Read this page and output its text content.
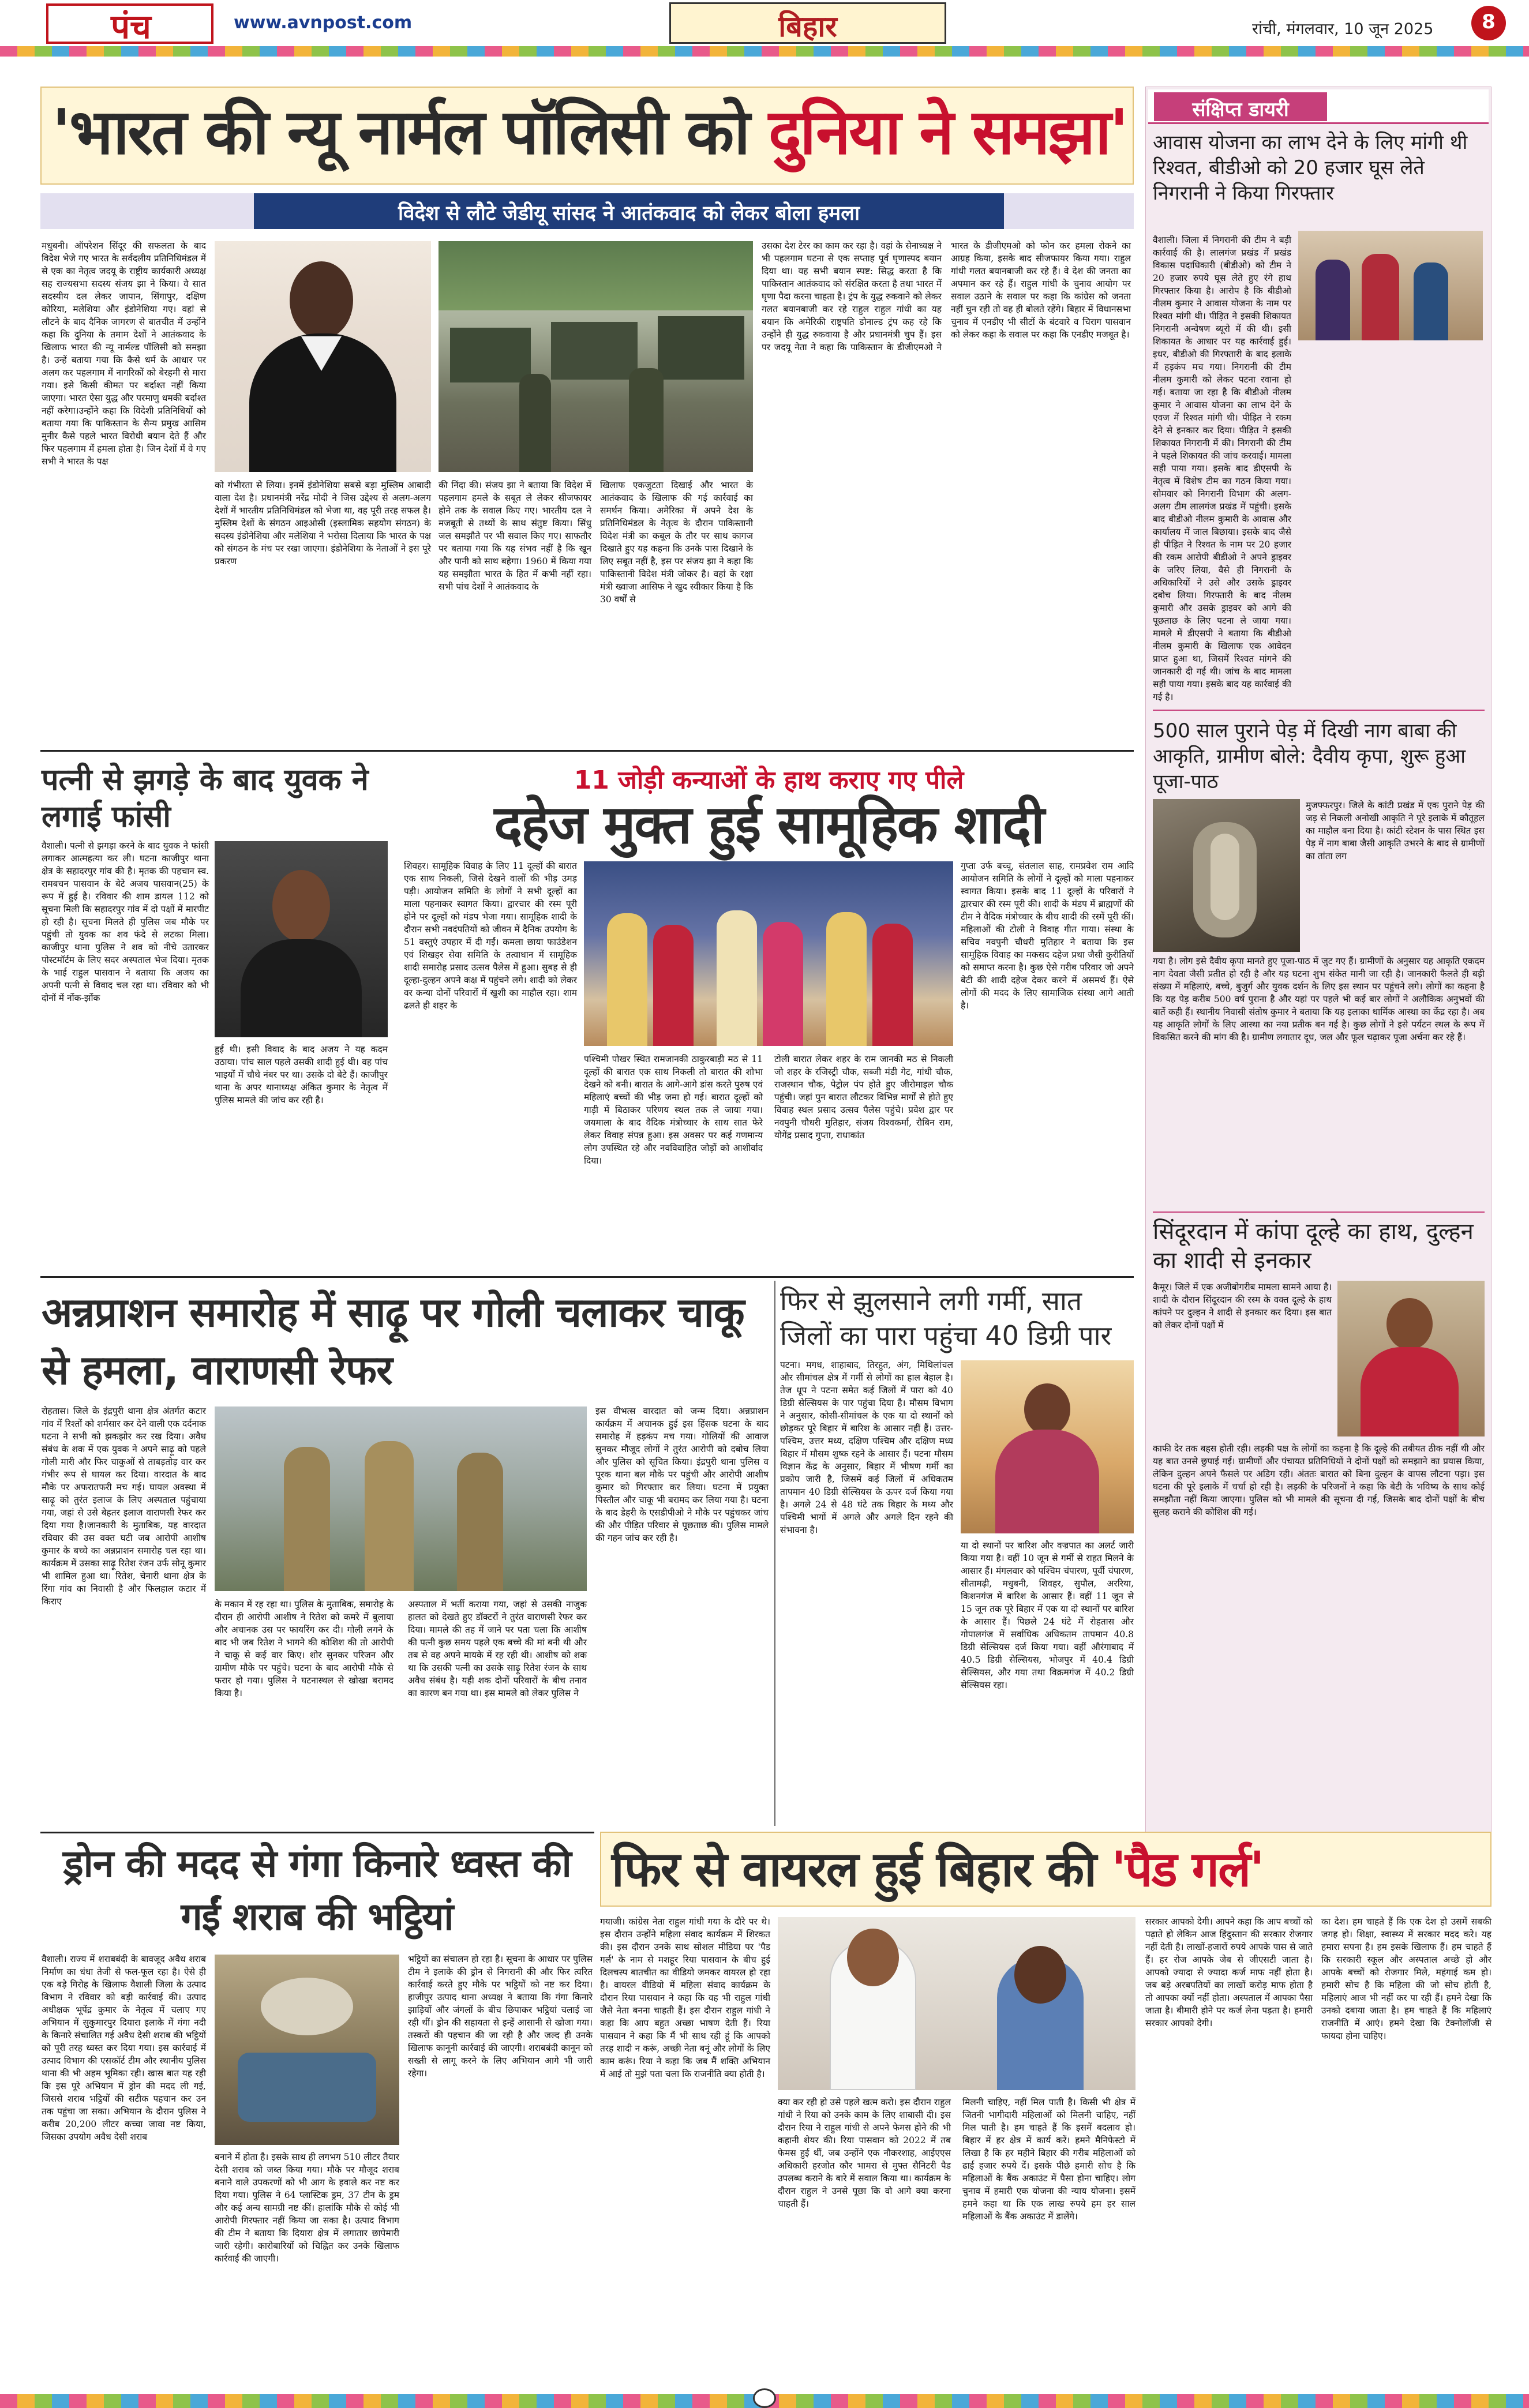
पंच	www.avnpost.com	बिहार	रांची, मंगलवार, 10 जून 2025	8
'भारत की न्यू नार्मल पॉलिसी को दुनिया ने समझा'
विदेश से लौटे जेडीयू सांसद ने आतंकवाद को लेकर बोला हमला

मधुबनी। ऑपरेशन सिंदूर की सफलता के बाद विदेश भेजे गए भारत के सर्वदलीय प्रतिनिधिमंडल में से एक का नेतृत्व जदयू के राष्ट्रीय कार्यकारी अध्यक्ष सह राज्यसभा सदस्य संजय झा ने किया। वे सात सदस्यीय दल लेकर जापान, सिंगापुर, दक्षिण कोरिया, मलेशिया और इंडोनेशिया गए। वहां से लौटने के बाद दैनिक जागरण से बातचीत में उन्होंने कहा कि दुनिया के तमाम देशों ने आतंकवाद के खिलाफ भारत की न्यू नार्मल्ड पॉलिसी को समझा है। उन्हें बताया गया कि कैसे धर्म के आधार पर अलग कर पहलगाम में नागरिकों को बेरहमी से मारा गया। इसे किसी कीमत पर बर्दाश्त नहीं किया जाएगा। भारत ऐसा युद्ध और परमाणु धमकी बर्दाश्त नहीं करेगा।उन्होंने कहा कि विदेशी प्रतिनिधियों को बताया गया कि पाकिस्तान के सैन्य प्रमुख आसिम मुनीर कैसे पहले भारत विरोधी बयान देते हैं और फिर पहलगाम में हमला होता है। जिन देशों में वे गए सभी ने भारत के पक्ष

को गंभीरता से लिया। इनमें इंडोनेशिया सबसे बड़ा मुस्लिम आबादी वाला देश है। प्रधानमंत्री नरेंद्र मोदी ने जिस उद्देश्य से अलग-अलग देशों में भारतीय प्रतिनिधिमंडल को भेजा था, वह पूरी तरह सफल है। मुस्लिम देशों के संगठन आइओसी (इस्लामिक सहयोग संगठन) के सदस्य इंडोनेशिया और मलेशिया ने भरोसा दिलाया कि भारत के पक्ष को संगठन के मंच पर रखा जाएगा। इंडोनेशिया के नेताओं ने इस पूरे प्रकरण

की निंदा की। संजय झा ने बताया कि विदेश में पहलगाम हमले के सबूत ले लेकर सीजफायर होने तक के सवाल किए गए। भारतीय दल ने मजबूती से तथ्यों के साथ संतुष्ट किया। सिंधु जल समझौते पर भी सवाल किए गए। साफतौर पर बताया गया कि यह संभव नहीं है कि खून और पानी को साथ बहेगा। 1960 में किया गया यह समझौता भारत के हित में कभी नहीं रहा। सभी पांच देशों ने आतंकवाद के

खिलाफ एकजुटता दिखाई और भारत के आतंकवाद के खिलाफ की गई कार्रवाई का समर्थन किया। अमेरिका में अपने देश के प्रतिनिधिमंडल के नेतृत्व के दौरान पाकिस्तानी विदेश मंत्री का कबूल के तौर पर साथ कागज दिखाते हुए यह कहना कि उनके पास दिखाने के लिए सबूत नहीं है, इस पर संजय झा ने कहा कि पाकिस्तानी विदेश मंत्री जोकर है। वहां के रक्षा मंत्री ख्वाजा आसिफ ने खुद स्वीकार किया है कि 30 वर्षों से

उसका देश टेरर का काम कर रहा है। वहां के सेनाध्यक्ष ने भी पहलगाम घटना से एक सप्ताह पूर्व घृणास्पद बयान दिया था। यह सभी बयान स्पष्ट: सिद्ध करता है कि पाकिस्तान आतंकवाद को संरक्षित करता है तथा भारत में घृणा पैदा करना चाहता है। ट्रंप के युद्ध रुकवाने को लेकर गलत बयानबाजी कर रहे राहुल राहुल गांधी का यह बयान कि अमेरिकी राष्ट्रपति डोनाल्ड ट्रंप कह रहे कि उन्होंने ही युद्ध रुकवाया है और प्रधानमंत्री चुप हैं। इस पर जदयू नेता ने कहा कि पाकिस्तान के डीजीएमओ ने भारत के डीजीएमओ को फोन कर हमला रोकने का आग्रह किया, इसके बाद सीजफायर किया गया। राहुल गांधी गलत बयानबाजी कर रहे हैं। वे देश की जनता का अपमान कर रहे हैं। राहुल गांधी के चुनाव आयोग पर सवाल उठाने के सवाल पर कहा कि कांग्रेस को जनता नहीं चुन रही तो वह ही बोलते रहेंगे। बिहार में विधानसभा चुनाव में एनडीए भी सीटों के बंटवारे व चिराग पासवान को लेकर कहा के सवाल पर कहा कि एनडीए मजबूत है।

संक्षिप्त डायरी
आवास योजना का लाभ देने के लिए मांगी थी रिश्वत, बीडीओ को 20 हजार घूस लेते निगरानी ने किया गिरफ्तार

वैशाली। जिला में निगरानी की टीम ने बड़ी कार्रवाई की है। लालगंज प्रखंड में प्रखंड विकास पदाधिकारी (बीडीओ) को टीम ने 20 हजार रुपये घूस लेते हुए रंगे हाथ गिरफ्तार किया है। आरोप है कि बीडीओ नीलम कुमार ने आवास योजना के नाम पर रिश्वत मांगी थी। पीड़ित ने इसकी शिकायत निगरानी अन्वेषण ब्यूरो में की थी। इसी शिकायत के आधार पर यह कार्रवाई हुई। इधर, बीडीओ की गिरफ्तारी के बाद इलाके में हड़कंप मच गया। निगरानी की टीम नीलम कुमारी को लेकर पटना रवाना हो गई। बताया जा रहा है कि बीडीओ नीलम कुमार ने आवास योजना का लाभ देने के एवज में रिश्वत मांगी थी। पीड़ित ने रकम देने से इनकार कर दिया। पीड़ित ने इसकी शिकायत निगरानी में की। निगरानी की टीम ने पहले शिकायत की जांच करवाई। मामला सही पाया गया। इसके बाद डीएसपी के नेतृत्व में विशेष टीम का गठन किया गया। सोमवार को निगरानी विभाग की अलग-अलग टीम लालगंज प्रखंड में पहुंची। इसके बाद बीडीओ नीलम कुमारी के आवास और कार्यालय में जाल बिछाया। इसके बाद जैसे ही पीड़ित ने रिश्वत के नाम पर 20 हजार की रकम आरोपी बीडीओ ने अपने ड्राइवर के जरिए लिया, वैसे ही निगरानी के अधिकारियों ने उसे और उसके ड्राइवर दबोच लिया। गिरफ्तारी के बाद नीलम कुमारी और उसके ड्राइवर को आगे की पूछताछ के लिए पटना ले जाया गया। मामले में डीएसपी ने बताया कि बीडीओ नीलम कुमारी के खिलाफ एक आवेदन प्राप्त हुआ था, जिसमें रिश्वत मांगने की जानकारी दी गई थी। जांच के बाद मामला सही पाया गया। इसके बाद यह कार्रवाई की गई है।

500 साल पुराने पेड़ में दिखी नाग बाबा की आकृति, ग्रामीण बोले: दैवीय कृपा, शुरू हुआ पूजा-पाठ

मुजफ्फरपुर। जिले के कांटी प्रखंड में एक पुराने पेड़ की जड़ से निकली अनोखी आकृति ने पूरे इलाके में कौतूहल का माहौल बना दिया है। कांटी स्टेशन के पास स्थित इस पेड़ में नाग बाबा जैसी आकृति उभरने के बाद से ग्रामीणों का तांता लग

गया है। लोग इसे दैवीय कृपा मानते हुए पूजा-पाठ में जुट गए हैं। ग्रामीणों के अनुसार यह आकृति एकदम नाग देवता जैसी प्रतीत हो रही है और यह घटना शुभ संकेत मानी जा रही है। जानकारी फैलते ही बड़ी संख्या में महिलाएं, बच्चे, बुजुर्ग और युवक दर्शन के लिए इस स्थान पर पहुंचने लगे। लोगों का कहना है कि यह पेड़ करीब 500 वर्ष पुराना है और यहां पर पहले भी कई बार लोगों ने अलौकिक अनुभवों की बातें कही हैं। स्थानीय निवासी संतोष कुमार ने बताया कि यह इलाका धार्मिक आस्था का केंद्र रहा है। अब यह आकृति लोगों के लिए आस्था का नया प्रतीक बन गई है। कुछ लोगों ने इसे पर्यटन स्थल के रूप में विकसित करने की मांग की है। ग्रामीण लगातार दूध, जल और फूल चढ़ाकर पूजा अर्चना कर रहे हैं।

सिंदूरदान में कांपा दूल्हे का हाथ, दुल्हन का शादी से इनकार

कैमूर। जिले में एक अजीबोगरीब मामला सामने आया है। शादी के दौरान सिंदूरदान की रस्म के वक्त दूल्हे के हाथ कांपने पर दुल्हन ने शादी से इनकार कर दिया। इस बात को लेकर दोनों पक्षों में

काफी देर तक बहस होती रही। लड़की पक्ष के लोगों का कहना है कि दूल्हे की तबीयत ठीक नहीं थी और यह बात उनसे छुपाई गई। ग्रामीणों और पंचायत प्रतिनिधियों ने दोनों पक्षों को समझाने का प्रयास किया, लेकिन दुल्हन अपने फैसले पर अडिग रही। अंततः बारात को बिना दुल्हन के वापस लौटना पड़ा। इस घटना की पूरे इलाके में चर्चा हो रही है। लड़की के परिजनों ने कहा कि बेटी के भविष्य के साथ कोई समझौता नहीं किया जाएगा। पुलिस को भी मामले की सूचना दी गई, जिसके बाद दोनों पक्षों के बीच सुलह कराने की कोशिश की गई।

पत्नी से झगड़े के बाद युवक ने लगाई फांसी

वैशाली। पत्नी से झगड़ा करने के बाद युवक ने फांसी लगाकर आत्महत्या कर ली। घटना काजीपुर थाना क्षेत्र के सहादरपुर गांव की है। मृतक की पहचान स्व. रामबचन पासवान के बेटे अजय पासवान(25) के रूप में हुई है। रविवार की शाम डायल 112 को सूचना मिली कि सहादरपुर गांव में दो पक्षों में मारपीट हो रही है। सूचना मिलते ही पुलिस जब मौके पर पहुंची तो युवक का शव फंदे से लटका मिला। काजीपुर थाना पुलिस ने शव को नीचे उतारकर पोस्टमॉर्टम के लिए सदर अस्पताल भेज दिया। मृतक के भाई राहुल पासवान ने बताया कि अजय का अपनी पत्नी से विवाद चल रहा था। रविवार को भी दोनों में नोंक-झोंक

हुई थी। इसी विवाद के बाद अजय ने यह कदम उठाया। पांच साल पहले उसकी शादी हुई थी। वह पांच भाइयों में चौथे नंबर पर था। उसके दो बेटे हैं। काजीपुर थाना के अपर थानाध्यक्ष अंकित कुमार के नेतृत्व में पुलिस मामले की जांच कर रही है।

11 जोड़ी कन्याओं के हाथ कराए गए पीले
दहेज मुक्त हुई सामूहिक शादी

शिवहर। सामूहिक विवाह के लिए 11 दूल्हों की बारात एक साथ निकली, जिसे देखने वालों की भीड़ उमड़ पड़ी। आयोजन समिति के लोगों ने सभी दूल्हों का माला पहनाकर स्वागत किया। द्वारचार की रस्म पूरी होने पर दूल्हों को मंडप भेजा गया। सामूहिक शादी के दौरान सभी नवदंपतियों को जीवन में दैनिक उपयोग के 51 वस्तुएं उपहार में दी गईं। कमला छाया फाउंडेशन एवं शिखहर सेवा समिति के तत्वाधान में सामूहिक शादी समारोह प्रसाद उत्सव पैलेस में हुआ। सुबह से ही दूल्हा-दुल्हन अपने कक्ष में पहुंचने लगे। शादी को लेकर वर कन्या दोनों परिवारों में खुशी का माहौल रहा। शाम ढलते ही शहर के

पश्चिमी पोखर स्थित रामजानकी ठाकुरबाड़ी मठ से 11 दूल्हों की बारात एक साथ निकली तो बारात की शोभा देखने को बनी। बारात के आगे-आगे डांस करते पुरुष एवं महिलाएं बच्चों की भीड़ जमा हो गई। बारात दूल्हों को गाड़ी में बिठाकर परिणय स्थल तक ले जाया गया। जयमाला के बाद वैदिक मंत्रोच्चार के साथ सात फेरे लेकर विवाह संपन्न हुआ। इस अवसर पर कई गणमान्य लोग उपस्थित रहे और नवविवाहित जोड़ों को आशीर्वाद दिया।

टोली बारात लेकर शहर के राम जानकी मठ से निकली जो शहर के रजिस्ट्री चौक, सब्जी मंडी गेट, गांधी चौक, राजस्थान चौक, पेट्रोल पंप होते हुए जीरोमाइल चौक पहुंची। जहां पुन बारात लौटकर विभिन्न मार्गों से होते हुए विवाह स्थल प्रसाद उत्सव पैलेस पहुंचे। प्रवेश द्वार पर नवपुनी चौधरी मुतिहार, संजय विश्वकर्मा, रौबिन राम, योगेंद्र प्रसाद गुप्ता, राधाकांत

गुप्ता उर्फ बच्चू, संतलाल साह, रामप्रवेश राम आदि आयोजन समिति के लोगों ने दूल्हों को माला पहनाकर स्वागत किया। इसके बाद 11 दूल्हों के परिवारों ने द्वारचार की रस्म पूरी की। शादी के मंडप में ब्राह्मणों की टीम ने वैदिक मंत्रोच्चार के बीच शादी की रस्में पूरी कीं। महिलाओं की टोली ने विवाह गीत गाया। संस्था के सचिव नवपुनी चौधरी मुतिहार ने बताया कि इस सामूहिक विवाह का मकसद दहेज प्रथा जैसी कुरीतियों को समाप्त करना है। कुछ ऐसे गरीब परिवार जो अपने बेटी की शादी दहेज देकर करने में असमर्थ हैं। ऐसे लोगों की मदद के लिए सामाजिक संस्था आगे आती है।

अन्नप्राशन समारोह में साढ़ू पर गोली चलाकर चाकू से हमला, वाराणसी रेफर

रोहतास। जिले के इंद्रपुरी थाना क्षेत्र अंतर्गत कटार गांव में रिश्तों को शर्मसार कर देने वाली एक दर्दनाक घटना ने सभी को झकझोर कर रख दिया। अवैध संबंध के शक में एक युवक ने अपने साढ़ू को पहले गोली मारी और फिर चाकुओं से ताबड़तोड़ वार कर गंभीर रूप से घायल कर दिया। वारदात के बाद मौके पर अफरातफरी मच गई। घायल अवस्था में साढ़ू को तुरंत इलाज के लिए अस्पताल पहुंचाया गया, जहां से उसे बेहतर इलाज वाराणसी रेफर कर दिया गया है।जानकारी के मुताबिक, यह वारदात रविवार की उस वक्त घटी जब आरोपी आशीष कुमार के बच्चे का अन्नप्राशन समारोह चल रहा था। कार्यक्रम में उसका साढ़ू रितेश रंजन उर्फ सोनू कुमार भी शामिल हुआ था। रितेश, चेनारी थाना क्षेत्र के रिंगा गांव का निवासी है और फिलहाल कटार में किराए	के मकान में रह रहा था। पुलिस के मुताबिक, समारोह के दौरान ही आरोपी आशीष ने रितेश को कमरे में बुलाया और अचानक उस पर फायरिंग कर दी। गोली लगने के बाद भी जब रितेश ने भागने की कोशिश की तो आरोपी ने चाकू से कई वार किए। शोर सुनकर परिजन और ग्रामीण मौके पर पहुंचे। घटना के बाद आरोपी मौके से फरार हो गया। पुलिस ने घटनास्थल से खोखा बरामद किया है।

अस्पताल में भर्ती कराया गया, जहां से उसकी नाजुक हालत को देखते हुए डॉक्टरों ने तुरंत वाराणसी रेफर कर दिया। मामले की तह में जाने पर पता चला कि आशीष की पत्नी कुछ समय पहले एक बच्चे की मां बनी थी और तब से वह अपने मायके में रह रही थी। आशीष को शक था कि उसकी पत्नी का उसके साढ़ू रितेश रंजन के साथ अवैध संबंध है। यही शक दोनों परिवारों के बीच तनाव का कारण बन गया था। इस मामले को लेकर पुलिस ने

इस वीभत्स वारदात को जन्म दिया। अन्नप्राशन कार्यक्रम में अचानक हुई इस हिंसक घटना के बाद समारोह में हड़कंप मच गया। गोलियों की आवाज सुनकर मौजूद लोगों ने तुरंत आरोपी को दबोच लिया और पुलिस को सूचित किया। इंद्रपुरी थाना पुलिस व पूरक थाना बल मौके पर पहुंची और आरोपी आशीष कुमार को गिरफ्तार कर लिया। घटना में प्रयुक्त पिस्तौल और चाकू भी बरामद कर लिया गया है। घटना के बाद डेहरी के एसडीपीओ ने मौके पर पहुंचकर जांच की और पीड़ित परिवार से पूछताछ की। पुलिस मामले की गहन जांच कर रही है।

फिर से झुलसाने लगी गर्मी, सात जिलों का पारा पहुंचा 40 डिग्री पार

पटना। मगध, शाहाबाद, तिरहुत, अंग, मिथिलांचल और सीमांचल क्षेत्र में गर्मी से लोगों का हाल बेहाल है। तेज धूप ने पटना समेत कई जिलों में पारा को 40 डिग्री सेल्सियस के पार पहुंचा दिया है। मौसम विभाग ने अनुसार, कोसी-सीमांचल के एक या दो स्थानों को छोड़कर पूरे बिहार में बारिश के आसार नहीं हैं। उत्तर-पश्चिम, उत्तर मध्य, दक्षिण पश्चिम और दक्षिण मध्य बिहार में मौसम शुष्क रहने के आसार हैं। पटना मौसम विज्ञान केंद्र के अनुसार, बिहार में भीषण गर्मी का प्रकोप जारी है, जिसमें कई जिलों में अधिकतम तापमान 40 डिग्री सेल्सियस के ऊपर दर्ज किया गया है। अगले 24 से 48 घंटे तक बिहार के मध्य और पश्चिमी भागों में अगले और अगले दिन रहने की संभावना है।

या दो स्थानों पर बारिश और वज्रपात का अलर्ट जारी किया गया है। वहीं 10 जून से गर्मी से राहत मिलने के आसार हैं। मंगलवार को पश्चिम चंपारण, पूर्वी चंपारण, सीतामढ़ी, मधुबनी, शिवहर, सुपौल, अररिया, किशनगंज में बारिश के आसार हैं। वहीं 11 जून से 15 जून तक पूरे बिहार में एक या दो स्थानों पर बारिश के आसार हैं। पिछले 24 घंटे में रोहतास और गोपालगंज में सर्वाधिक अधिकतम तापमान 40.8 डिग्री सेल्सियस दर्ज किया गया। वहीं औरंगाबाद में 40.5 डिग्री सेल्सियस, भोजपुर में 40.4 डिग्री सेल्सियस, और गया तथा विक्रमगंज में 40.2 डिग्री सेल्सियस रहा।

ड्रोन की मदद से गंगा किनारे ध्वस्त की गईं शराब की भट्ठियां

वैशाली। राज्य में शराबबंदी के बावजूद अवैध शराब निर्माण का धंधा तेजी से फल-फूल रहा है। ऐसे ही एक बड़े गिरोह के खिलाफ वैशाली जिला के उत्पाद विभाग ने रविवार को बड़ी कार्रवाई की। उत्पाद अधीक्षक भूपेंद्र कुमार के नेतृत्व में चलाए गए अभियान में सुकुमारपुर दियारा इलाके में गंगा नदी के किनारे संचालित गई अवैध देसी शराब की भट्ठियों को पूरी तरह ध्वस्त कर दिया गया। इस कार्रवाई में उत्पाद विभाग की एसकॉर्ट टीम और स्थानीय पुलिस थाना की भी अहम भूमिका रही। खास बात यह रही कि इस पूरे अभियान में ड्रोन की मदद ली गई, जिससे शराब भट्ठियों की सटीक पहचान कर उन तक पहुंचा जा सका। अभियान के दौरान पुलिस ने करीब 20,200 लीटर कच्चा जावा नष्ट किया, जिसका उपयोग अवैध देसी शराब

बनाने में होता है। इसके साथ ही लगभग 510 लीटर तैयार देसी शराब को जब्त किया गया। मौके पर मौजूद शराब बनाने वाले उपकरणों को भी आग के हवाले कर नष्ट कर दिया गया। पुलिस ने 64 प्लास्टिक ड्रम, 37 टीन के ड्रम और कई अन्य सामग्री नष्ट कीं। हालांकि मौके से कोई भी आरोपी गिरफ्तार नहीं किया जा सका है। उत्पाद विभाग की टीम ने बताया कि दियारा क्षेत्र में लगातार छापेमारी जारी रहेगी। कारोबारियों को चिह्नित कर उनके खिलाफ कार्रवाई की जाएगी।

भट्ठियों का संचालन हो रहा है। सूचना के आधार पर पुलिस टीम ने इलाके की ड्रोन से निगरानी की और फिर त्वरित कार्रवाई करते हुए मौके पर भट्ठियों को नष्ट कर दिया। हाजीपुर उत्पाद थाना अध्यक्ष ने बताया कि गंगा किनारे झाड़ियों और जंगलों के बीच छिपाकर भट्ठियां चलाई जा रही थीं। ड्रोन की सहायता से इन्हें आसानी से खोजा गया। तस्करों की पहचान की जा रही है और जल्द ही उनके खिलाफ कानूनी कार्रवाई की जाएगी। शराबबंदी कानून को सख्ती से लागू करने के लिए अभियान आगे भी जारी रहेगा।

फिर से वायरल हुई बिहार की 'पैड गर्ल'

गयाजी। कांग्रेस नेता राहुल गांधी गया के दौरे पर थे। इस दौरान उन्होंने महिला संवाद कार्यक्रम में शिरकत की। इस दौरान उनके साथ सोशल मीडिया पर 'पैड गर्ल' के नाम से मशहूर रिया पासवान के बीच हुई दिलचस्प बातचीत का वीडियो जमकर वायरल हो रहा है। वायरल वीडियो में महिला संवाद कार्यक्रम के दौरान रिया पासवान ने कहा कि वह भी राहुल गांधी जैसे नेता बनना चाहती हैं। इस दौरान राहुल गांधी ने कहा कि आप बहुत अच्छा भाषण देती हैं। रिया पासवान ने कहा कि मैं भी साथ रही हूं कि आपको तरह शादी न करूं, अच्छी नेता बनूं और लोगों के लिए काम करूं। रिया ने कहा कि जब मैं शक्ति अभियान में आई तो मुझे पता चला कि राजनीति क्या होती है।

क्या कर रही हो उसे पहले खत्म करो। इस दौरान राहुल गांधी ने रिया को उनके काम के लिए शाबासी दी। इस दौरान रिया ने राहुल गांधी से अपने फेमस होने की भी कहानी शेयर की। रिया पासवान को 2022 में तब फेमस हुई थीं, जब उन्होंने एक नौकरशाह, आईएएस अधिकारी हरजोत कौर भामरा से मुफ्त सैनिटरी पैड उपलब्ध कराने के बारे में सवाल किया था। कार्यक्रम के दौरान राहुल ने उनसे पूछा कि वो आगे क्या करना चाहती हैं।

मिलनी चाहिए, नहीं मिल पाती है। किसी भी क्षेत्र में जितनी भागीदारी महिलाओं को मिलनी चाहिए, नहीं मिल पाती है। हम चाहते हैं कि इसमें बदलाव हो। बिहार में हर क्षेत्र में कार्य करें। हमने मैनिफेस्टो में लिखा है कि हर महीने बिहार की गरीब महिलाओं को ढाई हजार रुपये दें। इसके पीछे हमारी सोच है कि महिलाओं के बैंक अकाउंट में पैसा होना चाहिए। लोग चुनाव में हमारी एक योजना की न्याय योजना। इसमें हमने कहा था कि एक लाख रुपये हम हर साल महिलाओं के बैंक अकाउंट में डालेंगे।

सरकार आपको देगी। आपने कहा कि आप बच्चों को पढ़ाते हो लेकिन आज हिंदुस्तान की सरकार रोजगार नहीं देती है। लाखों-हजारों रुपये आपके पास से जाते हैं। हर रोज आपके जेब से जीएसटी जाता है। आपको ज्यादा से ज्यादा कर्ज माफ नहीं होता है। जब बड़े अरबपतियों का लाखों करोड़ माफ होता है तो आपका क्यों नहीं होता। अस्पताल में आपका पैसा जाता है। बीमारी होने पर कर्ज लेना पड़ता है। हमारी सरकार आपको देगी।

का देश। हम चाहते हैं कि एक देश हो उसमें सबकी जगह हो। शिक्षा, स्वास्थ्य में सरकार मदद करे। यह हमारा सपना है। हम इसके खिलाफ हैं। हम चाहते हैं कि सरकारी स्कूल और अस्पताल अच्छे हो और आपके बच्चों को रोजगार मिले, महंगाई कम हो। हमारी सोच है कि महिला की जो सोच होती है, महिलाएं आज भी नहीं कर पा रही हैं। हमने देखा कि उनको दबाया जाता है। हम चाहते हैं कि महिलाएं राजनीति में आएं। हमने देखा कि टेक्नोलॉजी से फायदा होना चाहिए।
